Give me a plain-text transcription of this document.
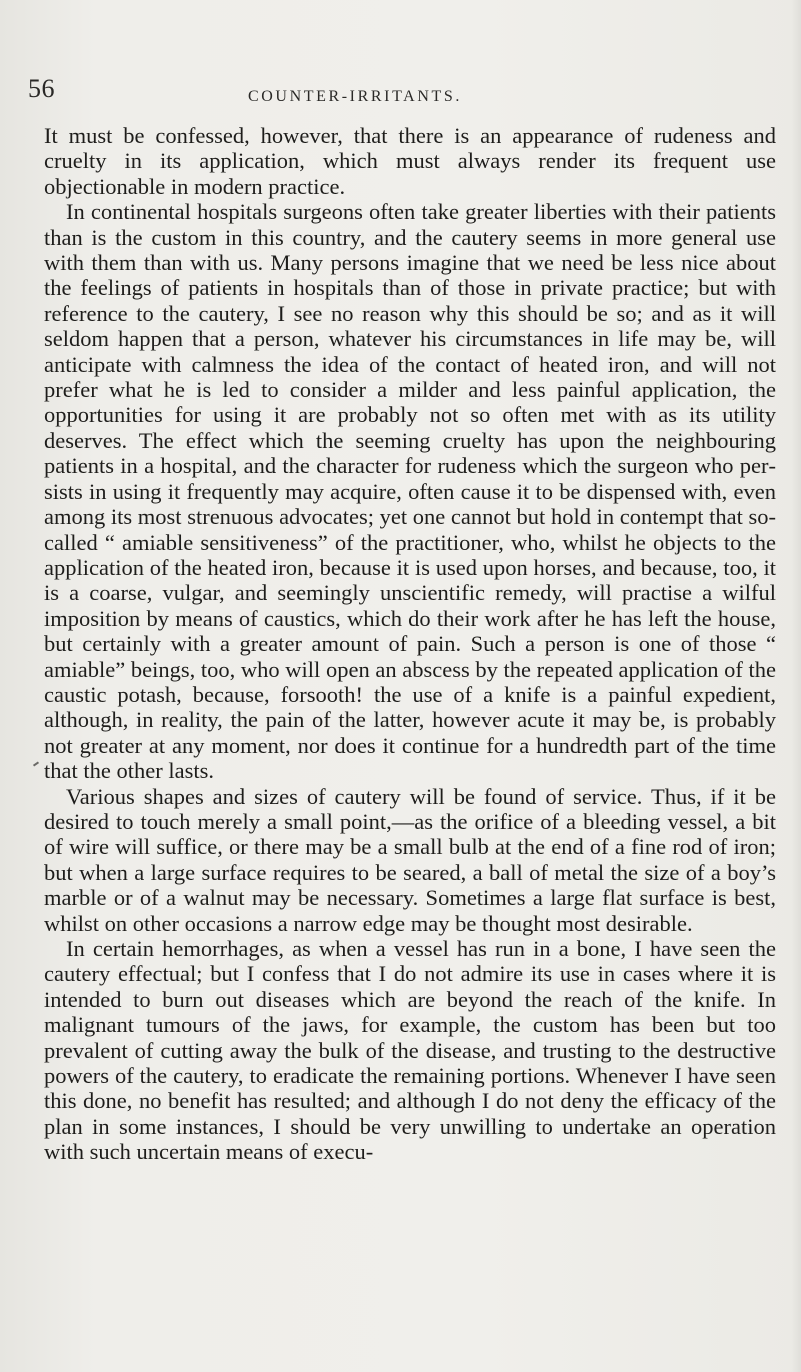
56	COUNTER-IRRITANTS.

It must be confessed, however, that there is an appearance of rudeness and cruelty in its application, which must always render its frequent use objectionable in modern practice.

In continental hospitals surgeons often take greater liberties with their patients than is the custom in this country, and the cautery seems in more general use with them than with us. Many persons imagine that we need be less nice about the feelings of patients in hospitals than of those in private practice; but with reference to the cautery, I see no reason why this should be so; and as it will seldom happen that a person, whatever his circumstances in life may be, will anticipate with calmness the idea of the contact of heated iron, and will not prefer what he is led to consider a milder and less painful application, the opportunities for using it are probably not so often met with as its utility deserves. The effect which the seeming cruelty has upon the neighbouring patients in a hospital, and the character for rudeness which the surgeon who persists in using it frequently may acquire, often cause it to be dispensed with, even among its most strenuous advocates; yet one cannot but hold in contempt that so-called “ amiable sensitiveness” of the practitioner, who, whilst he objects to the application of the heated iron, because it is used upon horses, and because, too, it is a coarse, vulgar, and seemingly unscientific remedy, will practise a wilful imposition by means of caustics, which do their work after he has left the house, but certainly with a greater amount of pain. Such a person is one of those “ amiable” beings, too, who will open an abscess by the repeated application of the caustic potash, because, forsooth! the use of a knife is a painful expedient, although, in reality, the pain of the latter, however acute it may be, is probably not greater at any moment, nor does it continue for a hundredth part of the time that the other lasts.

Various shapes and sizes of cautery will be found of service. Thus, if it be desired to touch merely a small point,—as the orifice of a bleeding vessel, a bit of wire will suffice, or there may be a small bulb at the end of a fine rod of iron; but when a large surface requires to be seared, a ball of metal the size of a boy’s marble or of a walnut may be necessary. Sometimes a large flat surface is best, whilst on other occasions a narrow edge may be thought most desirable.

In certain hemorrhages, as when a vessel has run in a bone, I have seen the cautery effectual; but I confess that I do not admire its use in cases where it is intended to burn out diseases which are beyond the reach of the knife. In malignant tumours of the jaws, for example, the custom has been but too prevalent of cutting away the bulk of the disease, and trusting to the destructive powers of the cautery, to eradicate the remaining portions. Whenever I have seen this done, no benefit has resulted; and although I do not deny the efficacy of the plan in some instances, I should be very unwilling to undertake an operation with such uncertain means of execu-
